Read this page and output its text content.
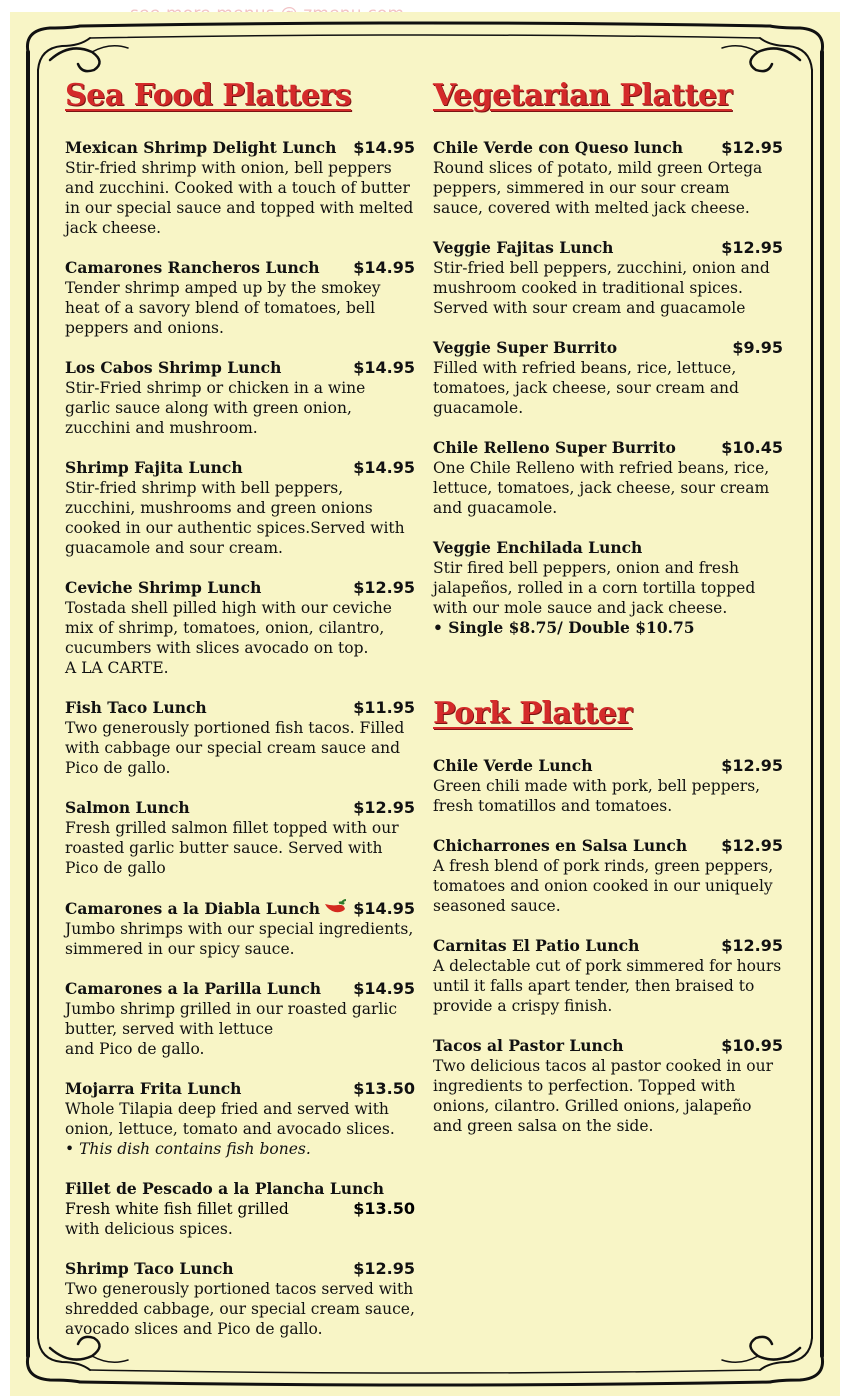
Sea Food Platters
Mexican Shrimp Delight Lunch $14.95

Stir-fried shrimp with onion, bell peppers and zucchini. Cooked with a touch of butter in our special sauce and topped with melted jack cheese.

Camarones Rancheros Lunch $14.95

Tender shrimp amped up by the smokey heat of a savory blend of tomatoes, bell peppers and onions.

Los Cabos Shrimp Lunch	$14.95

Stir-Fried shrimp or chicken in a wine garlic sauce along with green onion, zucchini and mushroom.

Shrimp Fajita Lunch	$14.95

Stir-fried shrimp with bell peppers, zucchini, mushrooms and green onions cooked in our authentic spices.Served with guacamole and sour cream.

Ceviche Shrimp Lunch	$12.95

Tostada shell pilled high with our ceviche mix of shrimp, tomatoes, onion, cilantro, cucumbers with slices avocado on top.

A LA CARTE.
Fish Taco Lunch	$11.95

Two generously portioned fish tacos. Filled with cabbage our special cream sauce and Pico de gallo.

Salmon Lunch	$12.95

Fresh grilled salmon fillet topped with our roasted garlic butter sauce. Served with Pico de gallo

Camarones a la Diabla Lunch	$14.95

Jumbo shrimps with our special ingredients, simmered in our spicy sauce.

Camarones a la Parilla Lunch $14.95

Jumbo shrimp grilled in our roasted garlic butter, served with lettuce

and Pico de gallo.
Mojarra Frita Lunch	$13.50

Whole Tilapia deep fried and served with onion, lettuce, tomato and avocado slices.

• This dish contains fish bones.
Fillet de Pescado a la Plancha Lunch
Fresh white fish fillet grilled	$13.50
with delicious spices.
Shrimp Taco Lunch	$12.95

Two generously portioned tacos served with shredded cabbage, our special cream sauce, avocado slices and Pico de gallo.

Vegetarian Platter
Chile Verde con Queso lunch $12.95

Round slices of potato, mild green Ortega peppers, simmered in our sour cream sauce, covered with melted jack cheese.

Veggie Fajitas Lunch	$12.95

Stir-fried bell peppers, zucchini, onion and mushroom cooked in traditional spices. Served with sour cream and guacamole

Veggie Super Burrito	$9.95

Filled with refried beans, rice, lettuce, tomatoes, jack cheese, sour cream and guacamole.

Chile Relleno Super Burrito	$10.45

One Chile Relleno with refried beans, rice, lettuce, tomatoes, jack cheese, sour cream and guacamole.

Veggie Enchilada Lunch

Stir fired bell peppers, onion and fresh jalapeños, rolled in a corn tortilla topped with our mole sauce and jack cheese.

• Single $8.75/ Double $10.75
Pork Platter
Chile Verde Lunch	$12.95

Green chili made with pork, bell peppers, fresh tomatillos and tomatoes.

Chicharrones en Salsa Lunch $12.95

A fresh blend of pork rinds, green peppers, tomatoes and onion cooked in our uniquely seasoned sauce.

Carnitas El Patio Lunch	$12.95

A delectable cut of pork simmered for hours until it falls apart tender, then braised to provide a crispy finish.

Tacos al Pastor Lunch	$10.95

Two delicious tacos al pastor cooked in our ingredients to perfection. Topped with onions, cilantro. Grilled onions, jalapeño and green salsa on the side.
